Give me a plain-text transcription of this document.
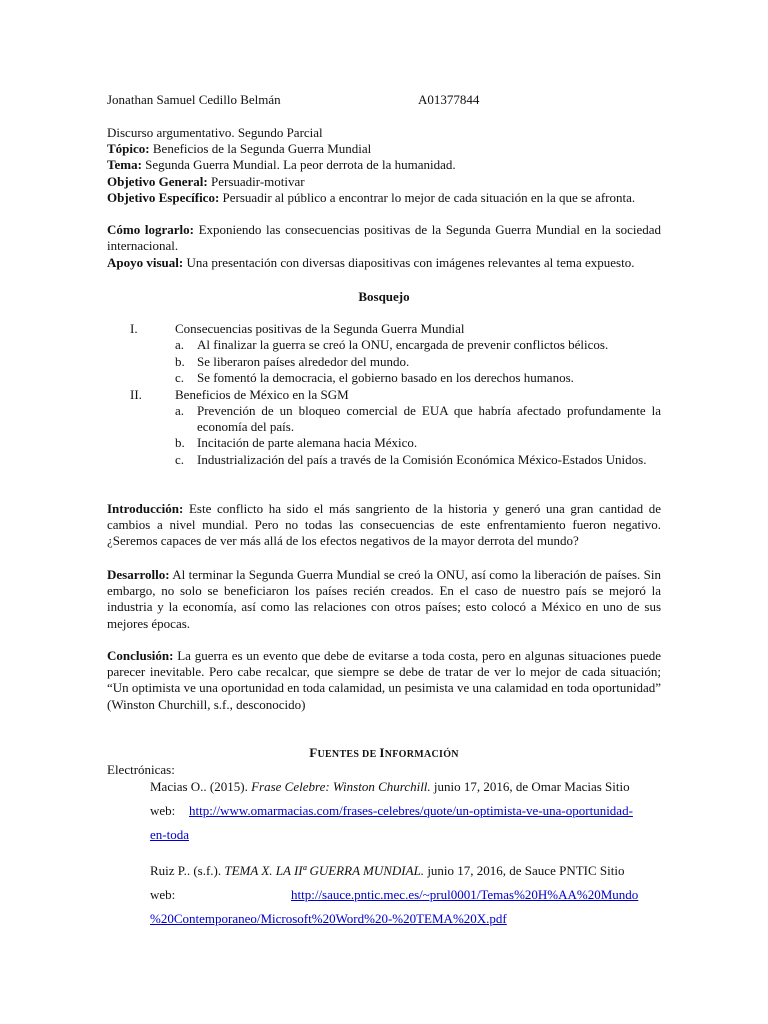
Jonathan Samuel Cedillo Belmán	A01377844
Discurso argumentativo. Segundo Parcial
Tópico: Beneficios de la Segunda Guerra Mundial
Tema: Segunda Guerra Mundial. La peor derrota de la humanidad.
Objetivo General: Persuadir-motivar
Objetivo Específico: Persuadir al público a encontrar lo mejor de cada situación en la que se afronta.
Cómo lograrlo: Exponiendo las consecuencias positivas de la Segunda Guerra Mundial en la sociedad internacional.
Apoyo visual: Una presentación con diversas diapositivas con imágenes relevantes al tema expuesto.
Bosquejo
I.	Consecuencias positivas de la Segunda Guerra Mundial
a. Al finalizar la guerra se creó la ONU, encargada de prevenir conflictos bélicos.
b. Se liberaron países alrededor del mundo.
c. Se fomentó la democracia, el gobierno basado en los derechos humanos.
II.	Beneficios de México en la SGM
a. Prevención de un bloqueo comercial de EUA que habría afectado profundamente la economía del país.
b. Incitación de parte alemana hacia México.
c. Industrialización del país a través de la Comisión Económica México-Estados Unidos.
Introducción: Este conflicto ha sido el más sangriento de la historia y generó una gran cantidad de cambios a nivel mundial. Pero no todas las consecuencias de este enfrentamiento fueron negativo. ¿Seremos capaces de ver más allá de los efectos negativos de la mayor derrota del mundo?
Desarrollo: Al terminar la Segunda Guerra Mundial se creó la ONU, así como la liberación de países. Sin embargo, no solo se beneficiaron los países recién creados. En el caso de nuestro país se mejoró la industria y la economía, así como las relaciones con otros países; esto colocó a México en uno de sus mejores épocas.
Conclusión: La guerra es un evento que debe de evitarse a toda costa, pero en algunas situaciones puede parecer inevitable. Pero cabe recalcar, que siempre se debe de tratar de ver lo mejor de cada situación; “Un optimista ve una oportunidad en toda calamidad, un pesimista ve una calamidad en toda oportunidad” (Winston Churchill, s.f., desconocido)
FUENTES DE INFORMACIÓN
Electrónicas:
Macias O.. (2015). Frase Celebre: Winston Churchill. junio 17, 2016, de Omar Macias Sitio
web: http://www.omarmacias.com/frases-celebres/quote/un-optimista-ve-una-oportunidad-
en-toda
Ruiz P.. (s.f.). TEMA X. LA IIª GUERRA MUNDIAL. junio 17, 2016, de Sauce PNTIC Sitio
web:	http://sauce.pntic.mec.es/~prul0001/Temas%20H%AA%20Mundo
%20Contemporaneo/Microsoft%20Word%20-%20TEMA%20X.pdf
